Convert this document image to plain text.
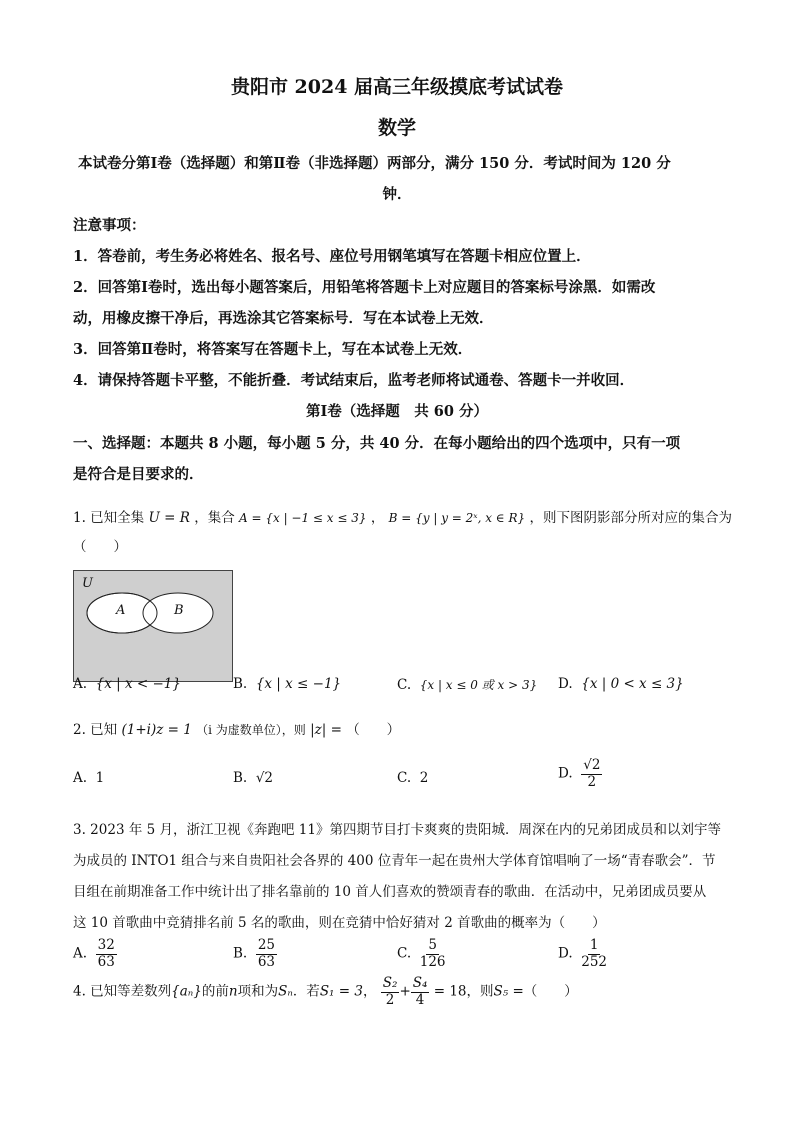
贵阳市 2024 届高三年级摸底考试试卷
数学
本试卷分第Ⅰ卷（选择题）和第Ⅱ卷（非选择题）两部分，满分 150 分．考试时间为 120 分
钟．
注意事项：
1．答卷前，考生务必将姓名、报名号、座位号用钢笔填写在答题卡相应位置上．
2．回答第Ⅰ卷时，选出每小题答案后，用铅笔将答题卡上对应题目的答案标号涂黑．如需改
动，用橡皮擦干净后，再选涂其它答案标号．写在本试卷上无效．
3．回答第Ⅱ卷时，将答案写在答题卡上，写在本试卷上无效．
4．请保持答题卡平整，不能折叠．考试结束后，监考老师将试通卷、答题卡一并收回．
第Ⅰ卷（选择题　共 60 分）
一、选择题：本题共 8 小题，每小题 5 分，共 40 分．在每小题给出的四个选项中，只有一项
是符合是目要求的．
1. 已知全集 U = R ，集合 A = {x | −1 ≤ x ≤ 3} ， B = {y | y = 2ˣ, x ∈ R} ，则下图阴影部分所对应的集合为
（　　）
U
A	B
A. {x | x < −1}	B. {x | x ≤ −1}	C. {x | x ≤ 0 或 x > 3} D. {x | 0 < x ≤ 3}
2. 已知 (1+i)z = 1 （i 为虚数单位），则 |z| = （　　）
A. 1	B. √2	C. 2	D. $\frac{√2}{2}$
3. 2023 年 5 月，浙江卫视《奔跑吧 11》第四期节目打卡爽爽的贵阳城．周深在内的兄弟团成员和以刘宇等
为成员的 INTO1 组合与来自贵阳社会各界的 400 位青年一起在贵州大学体育馆唱响了一场“青春歌会”．节
目组在前期准备工作中统计出了排名靠前的 10 首人们喜欢的赞颂青春的歌曲．在活动中，兄弟团成员要从
这 10 首歌曲中竞猜排名前 5 名的歌曲，则在竞猜中恰好猜对 2 首歌曲的概率为（　　）
A. $\frac{32}{63}$	B. $\frac{25}{63}$	C. $\frac{5}{126}$	D. $\frac{1}{252}$
4. 已知等差数列{aₙ}的前n项和为Sₙ．若S₁ = 3， $\frac{\text{S₂}}{2} + \frac{\text{S₄}}{4} = 18$，则S₅ =（　　）
